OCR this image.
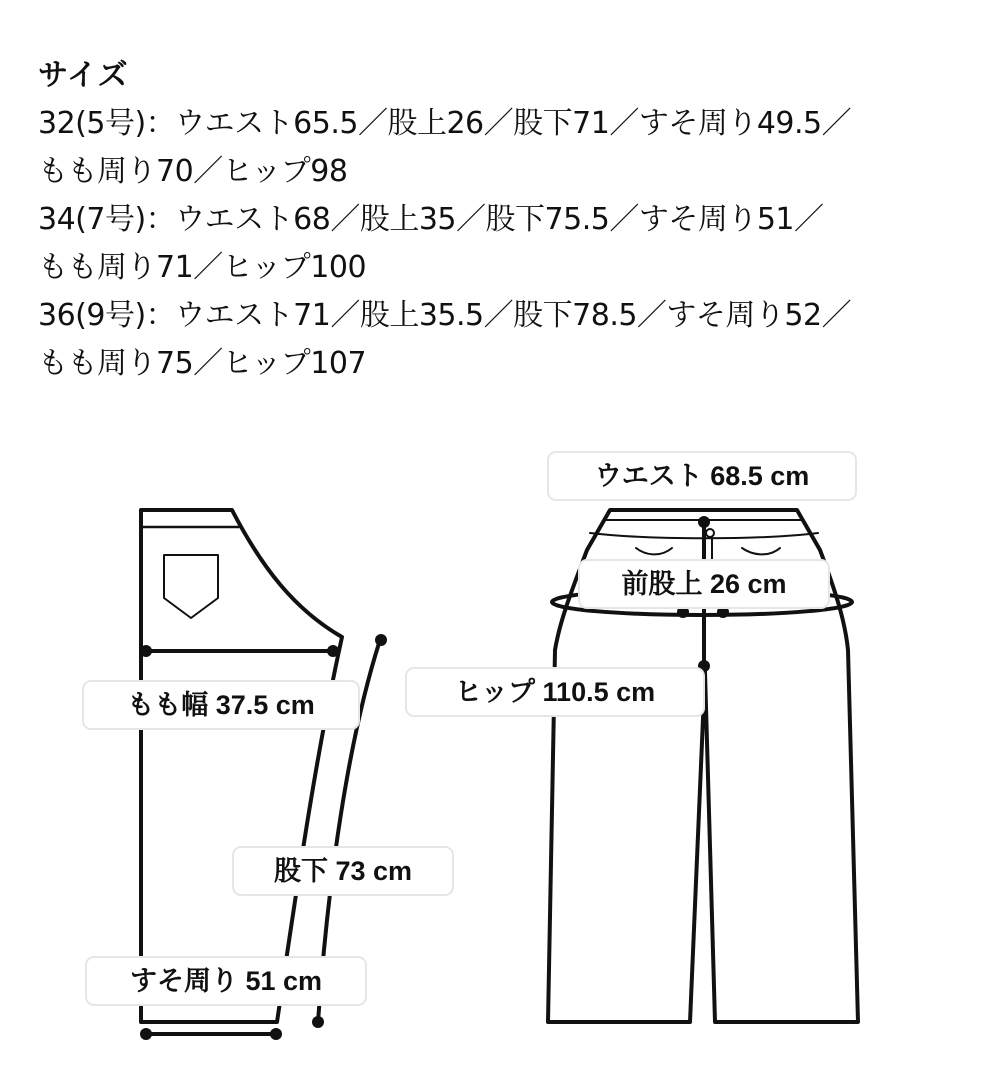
サイズ

32(5号)：ウエスト65.5／股上26／股下71／すそ周り49.5／

もも周り70／ヒップ98

34(7号)：ウエスト68／股上35／股下75.5／すそ周り51／

もも周り71／ヒップ100

36(9号)：ウエスト71／股上35.5／股下78.5／すそ周り52／

もも周り75／ヒップ107

ウエスト 68.5 cm
前股上 26 cm
ヒップ 110.5 cm
もも幅 37.5 cm
股下 73 cm
すそ周り 51 cm
